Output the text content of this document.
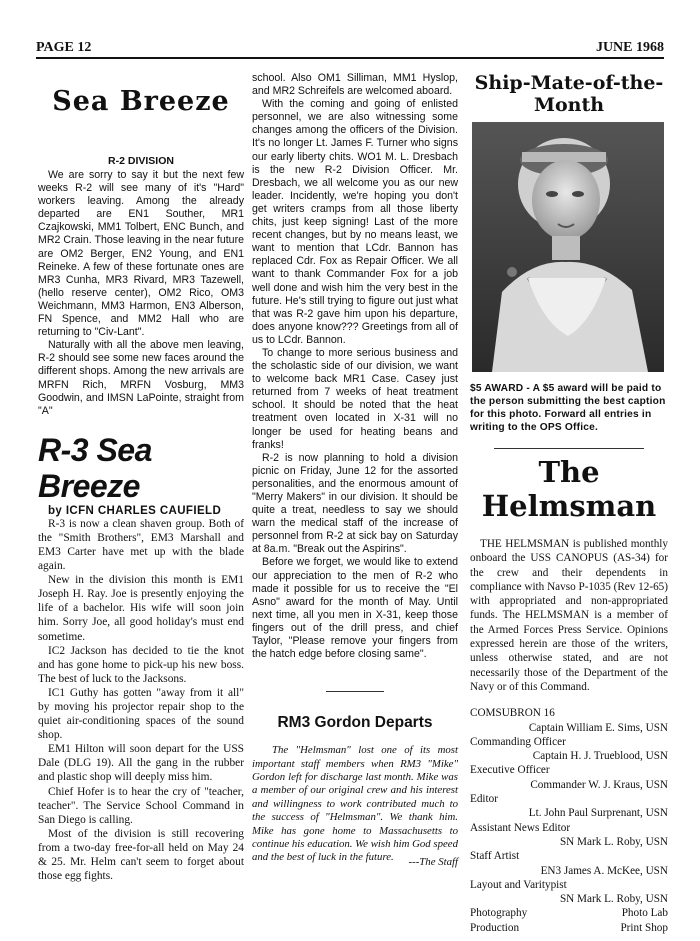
PAGE 12	JUNE 1968
Sea Breeze
R-2 DIVISION

We are sorry to say it but the next few weeks R-2 will see many of it's "Hard" workers leaving. Among the already departed are EN1 Souther, MR1 Czajkowski, MM1 Tolbert, ENC Bunch, and MR2 Crain. Those leaving in the near future are OM2 Berger, EN2 Young, and EN1 Reineke. A few of these fortunate ones are MR3 Cunha, MR3 Rivard, MR3 Tazewell, (hello reserve center), OM2 Rico, OM3 Weichmann, MM3 Harmon, EN3 Alberson, FN Spence, and MM2 Hall who are returning to "Civ-Lant".

Naturally with all the above men leaving, R-2 should see some new faces around the different shops. Among the new arrivals are MRFN Rich, MRFN Vosburg, MM3 Goodwin, and IMSN LaPointe, straight from "A"

R-3 Sea Breeze
by ICFN CHARLES CAUFIELD

R-3 is now a clean shaven group. Both of the "Smith Brothers", EM3 Marshall and EM3 Carter have met up with the blade again.

New in the division this month is EM1 Joseph H. Ray. Joe is presently enjoying the life of a bachelor. His wife will soon join him. Sorry Joe, all good holiday's must end sometime.

IC2 Jackson has decided to tie the knot and has gone home to pick-up his new boss. The best of luck to the Jacksons.

IC1 Guthy has gotten "away from it all" by moving his projector repair shop to the quiet air-conditioning spaces of the sound shop.

EM1 Hilton will soon depart for the USS Dale (DLG 19). All the gang in the rubber and plastic shop will deeply miss him.

Chief Hofer is to hear the cry of "teacher, teacher". The Service School Command in San Diego is calling.

Most of the division is still recovering from a two-day free-for-all held on May 24 & 25. Mr. Helm can't seem to forget about those egg fights.

school. Also OM1 Silliman, MM1 Hyslop, and MR2 Schreifels are welcomed aboard.

With the coming and going of enlisted personnel, we are also witnessing some changes among the officers of the Division. It's no longer Lt. James F. Turner who signs our early liberty chits. WO1 M. L. Dresbach is the new R-2 Division Officer. Mr. Dresbach, we all welcome you as our new leader. Incidently, we're hoping you don't get writers cramps from all those liberty chits, just keep signing! Last of the more recent changes, but by no means least, we want to mention that LCdr. Bannon has replaced Cdr. Fox as Repair Officer. We all want to thank Commander Fox for a job well done and wish him the very best in the future. He's still trying to figure out just what that was R-2 gave him upon his departure, does anyone know??? Greetings from all of us to LCdr. Bannon.

To change to more serious business and the scholastic side of our division, we want to welcome back MR1 Case. Casey just returned from 7 weeks of heat treatment school. It should be noted that the heat treatment oven located in X-31 will no longer be used for heating beans and franks!

R-2 is now planning to hold a division picnic on Friday, June 12 for the assorted personalities, and the enormous amount of "Merry Makers" in our division. It should be quite a treat, needless to say we should warn the medical staff of the increase of personnel from R-2 at sick bay on Saturday at 8a.m. "Break out the Aspirins".

Before we forget, we would like to extend our appreciation to the men of R-2 who made it possible for us to receive the "El Asno" award for the month of May. Until next time, all you men in X-31, keep those fingers out of the drill press, and chief Taylor, "Please remove your fingers from the hatch edge before closing same".

RM3 Gordon Departs

The "Helmsman" lost one of its most important staff members when RM3 "Mike" Gordon left for discharge last month. Mike was a member of our original crew and his interest and willingness to work contributed much to the success of "Helmsman". We thank him. Mike has gone home to Massachusetts to continue his education. We wish him God speed and the best of luck in the future.	---The Staff
Ship-Mate-of-the-Month
$5 AWARD - A $5 award will be paid to the person submitting the best caption for this photo. Forward all entries in writing to the OPS Office.
The Helmsman

THE HELMSMAN is published monthly onboard the USS CANOPUS (AS-34) for the crew and their dependents in compliance with Navso P-1035 (Rev 12-65) with appropriated and non-appropriated funds. The HELMSMAN is a member of the Armed Forces Press Service. Opinions expressed herein are those of the writers, unless otherwise stated, and are not necessarily those of the Department of the Navy or of this Command.

COMSUBRON 16
Captain William E. Sims, USN
Commanding Officer
Captain H. J. Trueblood, USN
Executive Officer
Commander W. J. Kraus, USN
Editor
Lt. John Paul Surprenant, USN
Assistant News Editor
SN Mark L. Roby, USN
Staff Artist
EN3 James A. McKee, USN
Layout and Varitypist
SN Mark L. Roby, USN
Photography	Photo Lab
Production	Print Shop
